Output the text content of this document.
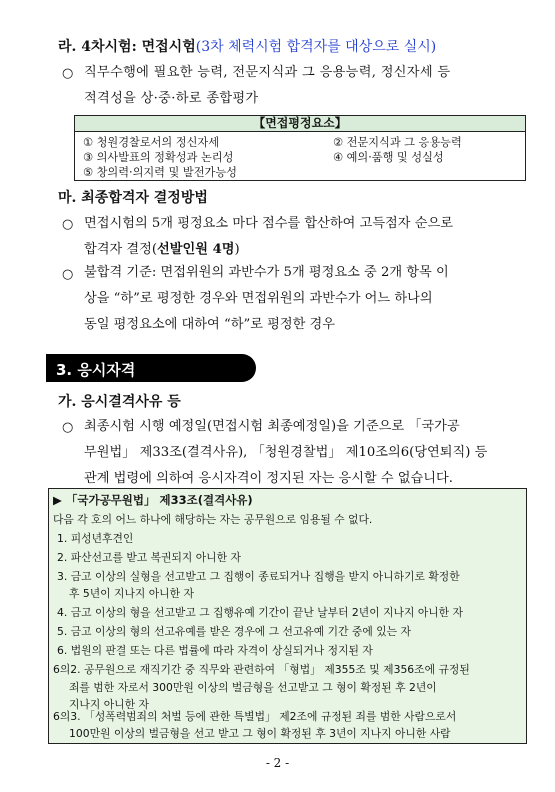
라. 4차시험: 면접시험(3차 체력시험 합격자를 대상으로 실시)
○ 직무수행에 필요한 능력, 전문지식과 그 응용능력, 정신자세 등
적격성을 상·중·하로 종합평가
【면접평정요소】
① 청원경찰로서의 정신자세	② 전문지식과 그 응용능력
③ 의사발표의 정확성과 논리성	④ 예의·품행 및 성실성
⑤ 창의력·의지력 및 발전가능성
마. 최종합격자 결정방법
○ 면접시험의 5개 평정요소 마다 점수를 합산하여 고득점자 순으로
합격자 결정(선발인원 4명)
○ 불합격 기준: 면접위원의 과반수가 5개 평정요소 중 2개 항목 이
상을 “하”로 평정한 경우와 면접위원의 과반수가 어느 하나의
동일 평정요소에 대하여 “하”로 평정한 경우
3. 응시자격
가. 응시결격사유 등
○ 최종시험 시행 예정일(면접시험 최종예정일)을 기준으로 「국가공
무원법」 제33조(결격사유), 「청원경찰법」 제10조의6(당연퇴직) 등
관계 법령에 의하여 응시자격이 정지된 자는 응시할 수 없습니다.
▶ 「국가공무원법」 제33조(결격사유)
다음 각 호의 어느 하나에 해당하는 자는 공무원으로 임용될 수 없다.
1. 피성년후견인
2. 파산선고를 받고 복권되지 아니한 자
3. 금고 이상의 실형을 선고받고 그 집행이 종료되거나 집행을 받지 아니하기로 확정한
후 5년이 지나지 아니한 자
4. 금고 이상의 형을 선고받고 그 집행유예 기간이 끝난 날부터 2년이 지나지 아니한 자
5. 금고 이상의 형의 선고유예를 받은 경우에 그 선고유예 기간 중에 있는 자
6. 법원의 판결 또는 다른 법률에 따라 자격이 상실되거나 정지된 자
6의2. 공무원으로 재직기간 중 직무와 관련하여 「형법」 제355조 및 제356조에 규정된
죄를 범한 자로서 300만원 이상의 벌금형을 선고받고 그 형이 확정된 후 2년이
지나지 아니한 자
6의3. 「성폭력범죄의 처벌 등에 관한 특별법」 제2조에 규정된 죄를 범한 사람으로서
100만원 이상의 벌금형을 선고 받고 그 형이 확정된 후 3년이 지나지 아니한 사람
- 2 -
